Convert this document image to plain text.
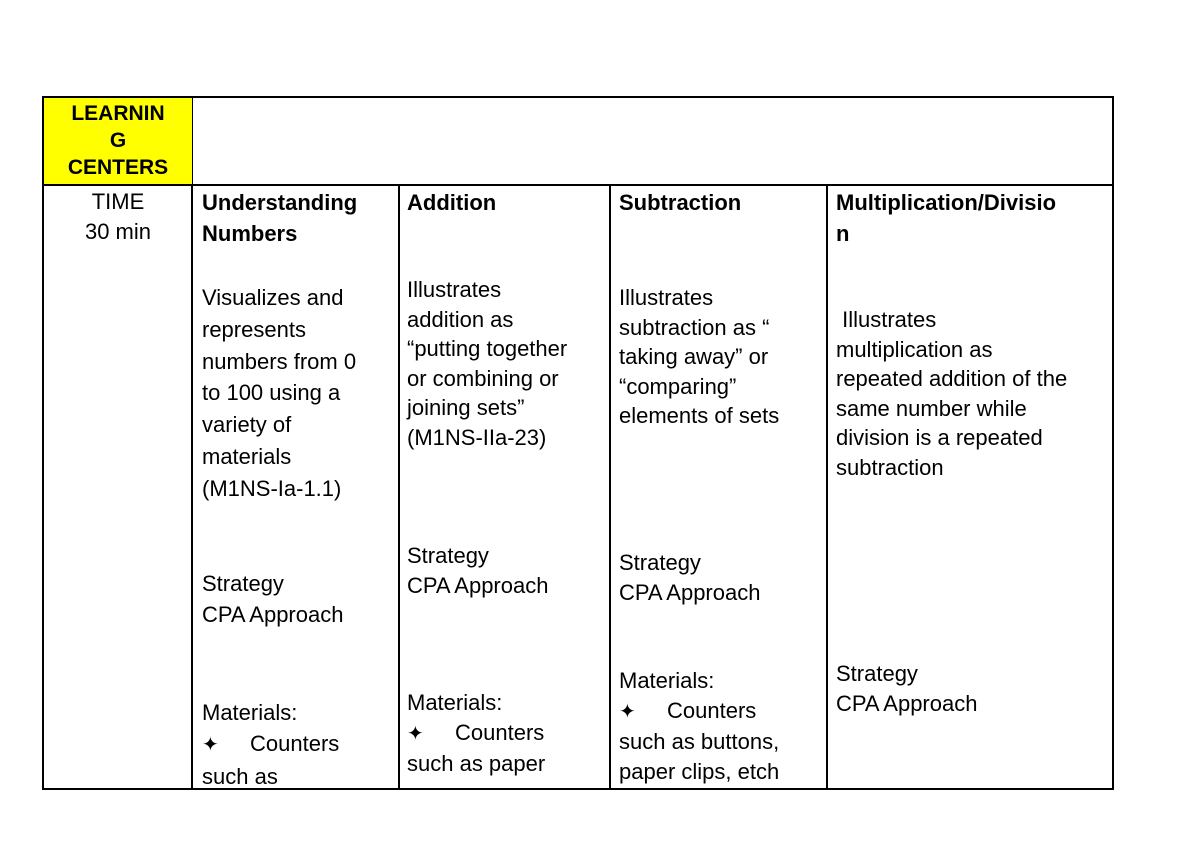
LEARNIN
G
CENTERS
TIME
30 min
Understanding
Numbers
Visualizes and
represents
numbers from 0
to 100 using a
variety of
materials
(M1NS-Ia-1.1)
Strategy
CPA Approach
Materials:
✦ Counters
such as
Addition
Illustrates
addition as
“putting together
or combining or
joining sets”
(M1NS-IIa-23)
Strategy
CPA Approach
Materials:
✦ Counters
such as paper
Subtraction
Illustrates
subtraction as “
taking away” or
“comparing”
elements of sets
Strategy
CPA Approach
Materials:
✦ Counters
such as buttons,
paper clips, etch
Multiplication/Divisio
n
Illustrates
multiplication as
repeated addition of the
same number while
division is a repeated
subtraction
Strategy
CPA Approach
